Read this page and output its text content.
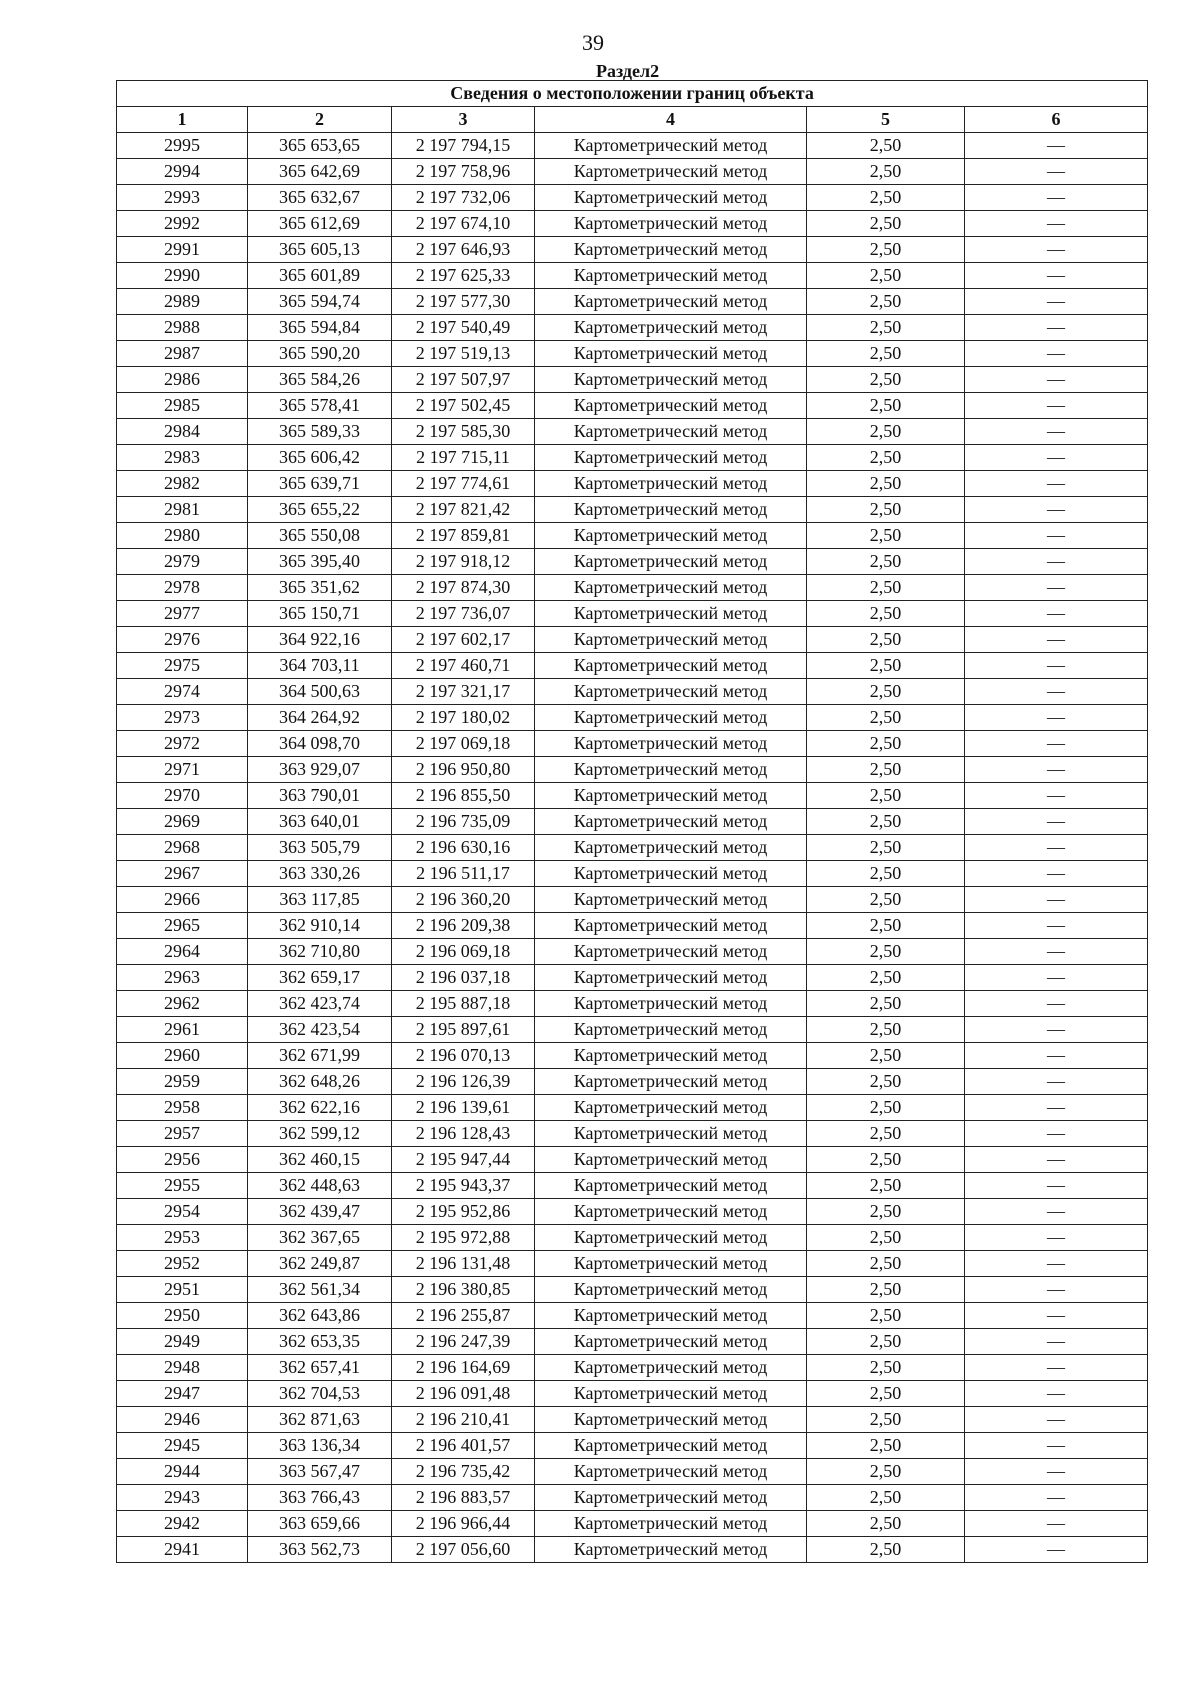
39
Раздел2
Сведения о местоположении границ объекта					
1	2	3	4	5	6
2995	365 653,65	2 197 794,15	Картометрический метод	2,50	—
2994	365 642,69	2 197 758,96	Картометрический метод	2,50	—
2993	365 632,67	2 197 732,06	Картометрический метод	2,50	—
2992	365 612,69	2 197 674,10	Картометрический метод	2,50	—
2991	365 605,13	2 197 646,93	Картометрический метод	2,50	—
2990	365 601,89	2 197 625,33	Картометрический метод	2,50	—
2989	365 594,74	2 197 577,30	Картометрический метод	2,50	—
2988	365 594,84	2 197 540,49	Картометрический метод	2,50	—
2987	365 590,20	2 197 519,13	Картометрический метод	2,50	—
2986	365 584,26	2 197 507,97	Картометрический метод	2,50	—
2985	365 578,41	2 197 502,45	Картометрический метод	2,50	—
2984	365 589,33	2 197 585,30	Картометрический метод	2,50	—
2983	365 606,42	2 197 715,11	Картометрический метод	2,50	—
2982	365 639,71	2 197 774,61	Картометрический метод	2,50	—
2981	365 655,22	2 197 821,42	Картометрический метод	2,50	—
2980	365 550,08	2 197 859,81	Картометрический метод	2,50	—
2979	365 395,40	2 197 918,12	Картометрический метод	2,50	—
2978	365 351,62	2 197 874,30	Картометрический метод	2,50	—
2977	365 150,71	2 197 736,07	Картометрический метод	2,50	—
2976	364 922,16	2 197 602,17	Картометрический метод	2,50	—
2975	364 703,11	2 197 460,71	Картометрический метод	2,50	—
2974	364 500,63	2 197 321,17	Картометрический метод	2,50	—
2973	364 264,92	2 197 180,02	Картометрический метод	2,50	—
2972	364 098,70	2 197 069,18	Картометрический метод	2,50	—
2971	363 929,07	2 196 950,80	Картометрический метод	2,50	—
2970	363 790,01	2 196 855,50	Картометрический метод	2,50	—
2969	363 640,01	2 196 735,09	Картометрический метод	2,50	—
2968	363 505,79	2 196 630,16	Картометрический метод	2,50	—
2967	363 330,26	2 196 511,17	Картометрический метод	2,50	—
2966	363 117,85	2 196 360,20	Картометрический метод	2,50	—
2965	362 910,14	2 196 209,38	Картометрический метод	2,50	—
2964	362 710,80	2 196 069,18	Картометрический метод	2,50	—
2963	362 659,17	2 196 037,18	Картометрический метод	2,50	—
2962	362 423,74	2 195 887,18	Картометрический метод	2,50	—
2961	362 423,54	2 195 897,61	Картометрический метод	2,50	—
2960	362 671,99	2 196 070,13	Картометрический метод	2,50	—
2959	362 648,26	2 196 126,39	Картометрический метод	2,50	—
2958	362 622,16	2 196 139,61	Картометрический метод	2,50	—
2957	362 599,12	2 196 128,43	Картометрический метод	2,50	—
2956	362 460,15	2 195 947,44	Картометрический метод	2,50	—
2955	362 448,63	2 195 943,37	Картометрический метод	2,50	—
2954	362 439,47	2 195 952,86	Картометрический метод	2,50	—
2953	362 367,65	2 195 972,88	Картометрический метод	2,50	—
2952	362 249,87	2 196 131,48	Картометрический метод	2,50	—
2951	362 561,34	2 196 380,85	Картометрический метод	2,50	—
2950	362 643,86	2 196 255,87	Картометрический метод	2,50	—
2949	362 653,35	2 196 247,39	Картометрический метод	2,50	—
2948	362 657,41	2 196 164,69	Картометрический метод	2,50	—
2947	362 704,53	2 196 091,48	Картометрический метод	2,50	—
2946	362 871,63	2 196 210,41	Картометрический метод	2,50	—
2945	363 136,34	2 196 401,57	Картометрический метод	2,50	—
2944	363 567,47	2 196 735,42	Картометрический метод	2,50	—
2943	363 766,43	2 196 883,57	Картометрический метод	2,50	—
2942	363 659,66	2 196 966,44	Картометрический метод	2,50	—
2941	363 562,73	2 197 056,60	Картометрический метод	2,50	—
